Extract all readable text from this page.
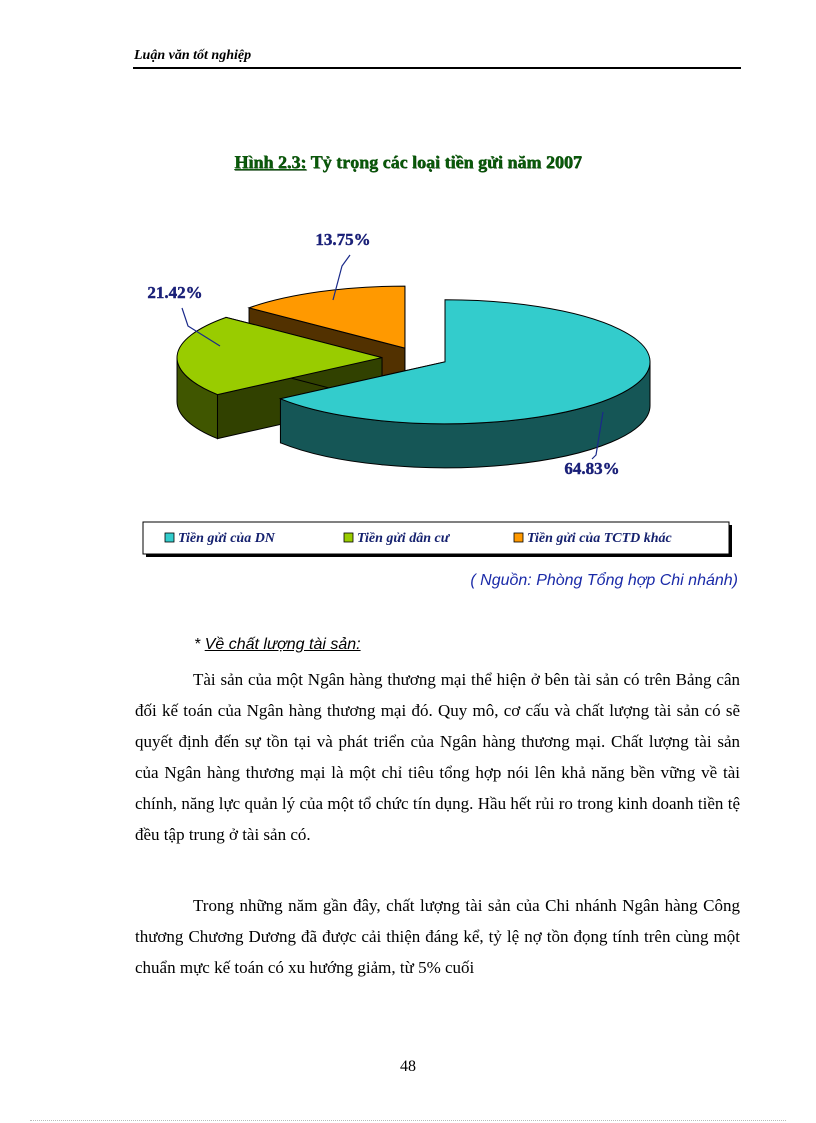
Luận văn tốt nghiệp
Hình 2.3: Tỷ trọng các loại tiền gửi năm 2007
64.83%
21.42%
13.75%
Tiền gửi của DN	Tiền gửi dân cư	Tiền gửi của TCTD khác
( Nguồn: Phòng Tổng hợp Chi nhánh)
* Về chất lượng tài sản:

Tài sản của một Ngân hàng thương mại thể hiện ở bên tài sản có trên Bảng cân đối kế toán của Ngân hàng thương mại đó. Quy mô, cơ cấu và chất lượng tài sản có sẽ quyết định đến sự tồn tại và phát triển của Ngân hàng thương mại. Chất lượng tài sản của Ngân hàng thương mại là một chỉ tiêu tổng hợp nói lên khả năng bền vững về tài chính, năng lực quản lý của một tổ chức tín dụng. Hầu hết rủi ro trong kinh doanh tiền tệ đều tập trung ở tài sản có.

Trong những năm gần đây, chất lượng tài sản của Chi nhánh Ngân hàng Công thương Chương Dương đã được cải thiện đáng kể, tỷ lệ nợ tồn đọng tính trên cùng một chuẩn mực kế toán có xu hướng giảm, từ 5% cuối

48
